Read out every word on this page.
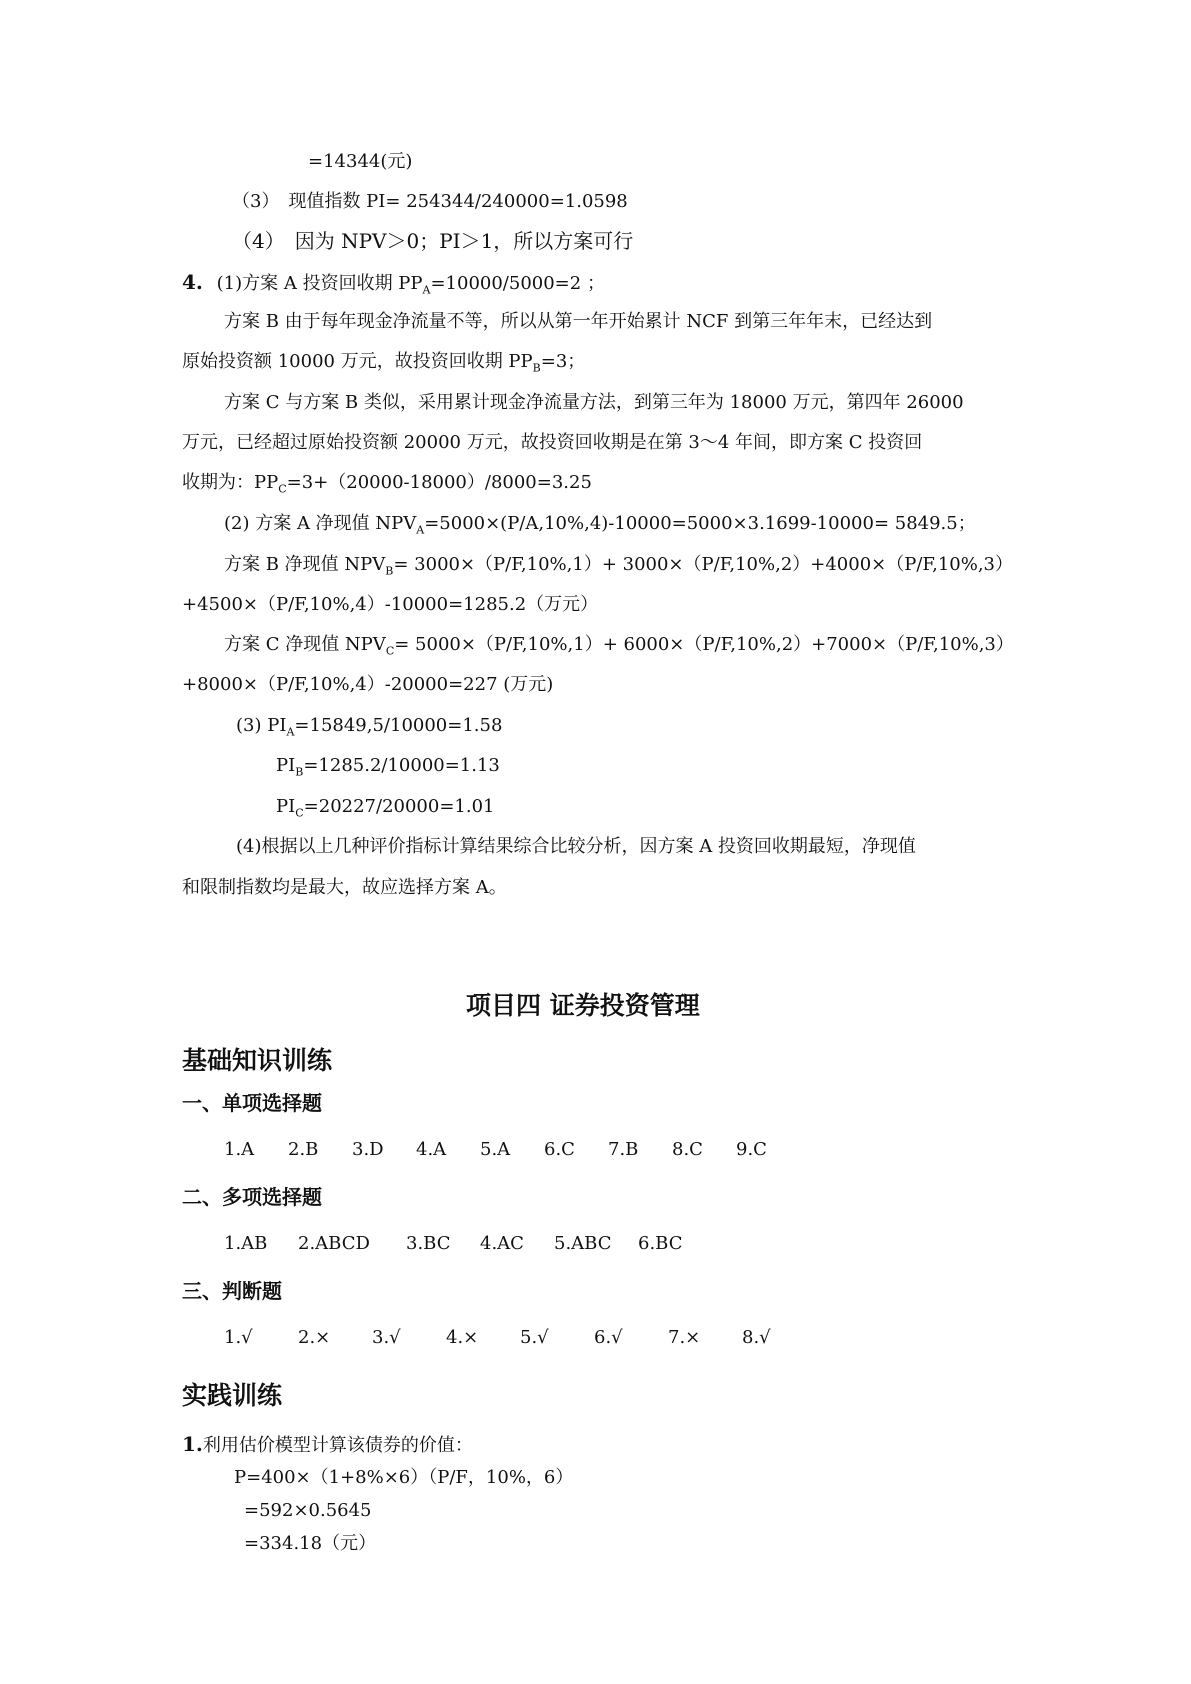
=14344(元)
（3）　现值指数 PI= 254344/240000=1.0598
（4）　因为 NPV＞0；PI＞1，所以方案可行
4. (1)方案 A 投资回收期 $PP_A=10000/5000=2$ ；
方案 B 由于每年现金净流量不等，所以从第一年开始累计 NCF 到第三年年末，已经达到
原始投资额 10000 万元，故投资回收期 $PP_B=3$；
方案 C 与方案 B 类似，采用累计现金净流量方法，到第三年为 18000 万元，第四年 26000
万元，已经超过原始投资额 20000 万元，故投资回收期是在第 3～4 年间，即方案 C 投资回
收期为：$PP_C=3+(20000-18000)/8000=3.25$
(2) 方案 A 净现值 $NPV_A=5000\times(P/A,10\%,4)-10000=5000\times 3.1699-10000= 5849.5$；
方案 B 净现值 $NPV_B= 3000\times(P/F,10\%,1)+ 3000\times(P/F,10\%,2)+4000\times(P/F,10\%,3)$
+4500×（P/F,10%,4）-10000=1285.2（万元）
方案 C 净现值 $NPV_C= 5000\times(P/F,10\%,1)+ 6000\times(P/F,10\%,2)+7000\times(P/F,10\%,3)$
+8000×（P/F,10%,4）-20000=227 (万元)
(3) $PI_A=15849,5/10000=1.58$
$PI_B=1285.2/10000=1.13$
$PI_C=20227/20000=1.01$
(4)根据以上几种评价指标计算结果综合比较分析，因方案 A 投资回收期最短，净现值
和限制指数均是最大，故应选择方案 A。
项目四 证券投资管理
基础知识训练
一、单项选择题
1.A	2.B	3.D	4.A	5.A	6.C	7.B	8.C	9.C
二、多项选择题
1.AB	2.ABCD	3.BC	4.AC	5.ABC	6.BC
三、判断题
1.√	2.×	3.√	4.×	5.√	6.√	7.×	8.√
实践训练
1.利用估价模型计算该债券的价值：
P=400×（1+8%×6）（P/F，10%，6）
=592×0.5645
=334.18（元）
